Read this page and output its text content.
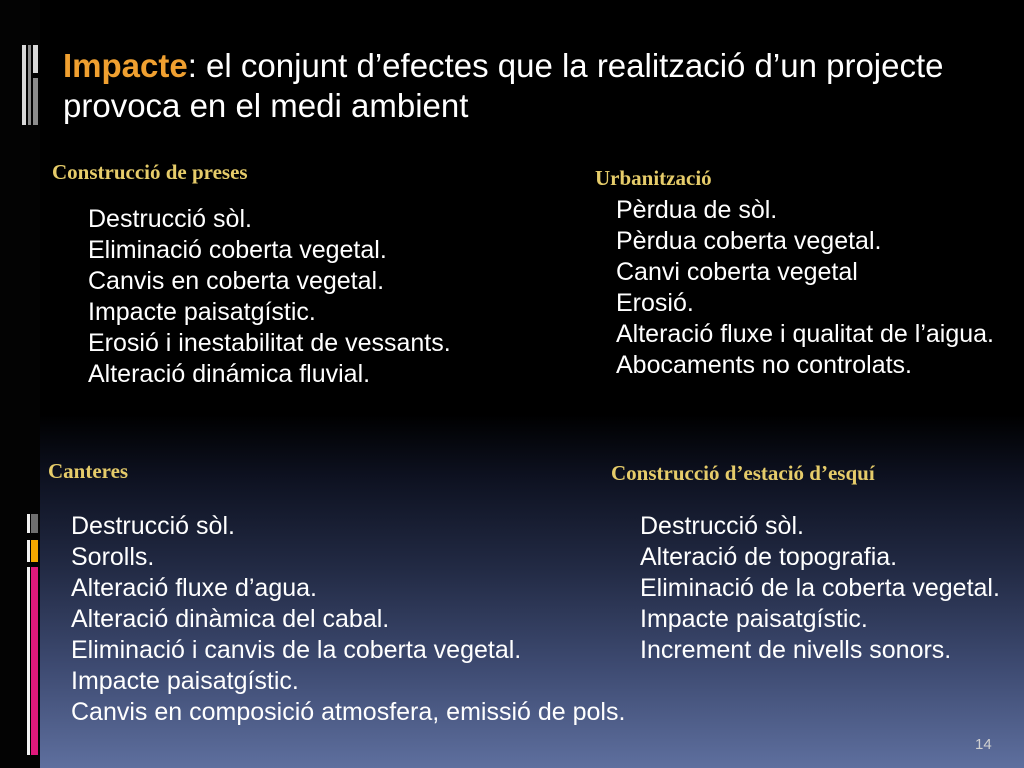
Impacte: el conjunt d’efectes que la realització d’un projecte
provoca en el medi ambient
Construcció de preses
Destrucció sòl.
Eliminació coberta vegetal.
Canvis en coberta vegetal.
Impacte paisatgístic.
Erosió i inestabilitat de vessants.
Alteració dinámica fluvial.
Urbanització
Pèrdua de sòl.
Pèrdua coberta vegetal.
Canvi coberta vegetal
Erosió.
Alteració fluxe i qualitat de l’aigua.
Abocaments no controlats.
Canteres
Destrucció sòl.
Sorolls.
Alteració fluxe d’agua.
Alteració dinàmica del cabal.
Eliminació i canvis de la coberta vegetal.
Impacte paisatgístic.
Canvis en composició atmosfera, emissió de pols.
Construcció d’estació d’esquí
Destrucció sòl.
Alteració de topografia.
Eliminació de la coberta vegetal.
Impacte paisatgístic.
Increment de nivells sonors.
14
